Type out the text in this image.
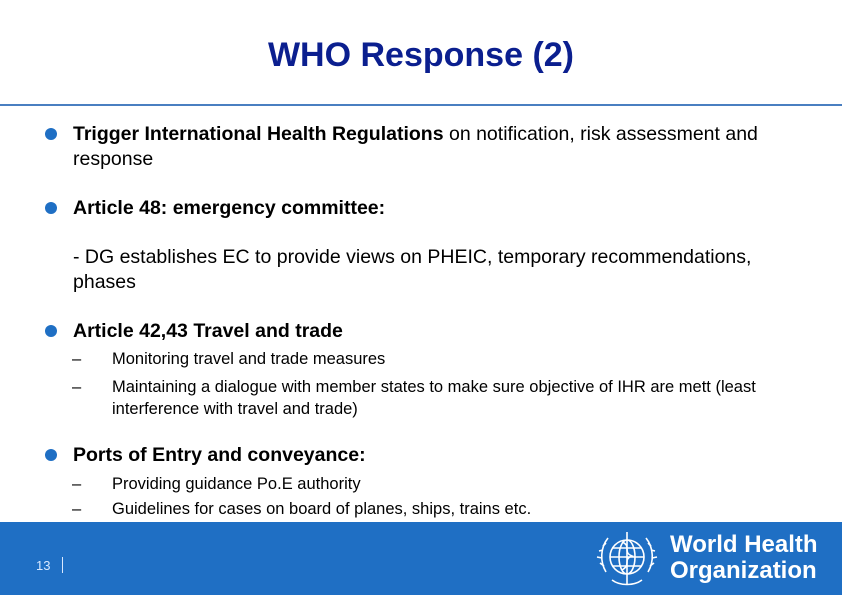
WHO Response (2)
Trigger International Health Regulations on notification, risk assessment and response
Article 48: emergency committee:
- DG establishes EC to provide views on PHEIC, temporary recommendations, phases
Article 42,43 Travel and trade
– Monitoring travel and trade measures
– Maintaining a dialogue with member states to make sure objective of IHR are mett (least interference with travel and trade)
Ports of Entry and conveyance:
– Providing guidance Po.E authority
– Guidelines for cases on board of planes, ships, trains etc.
13
World Health
Organization
